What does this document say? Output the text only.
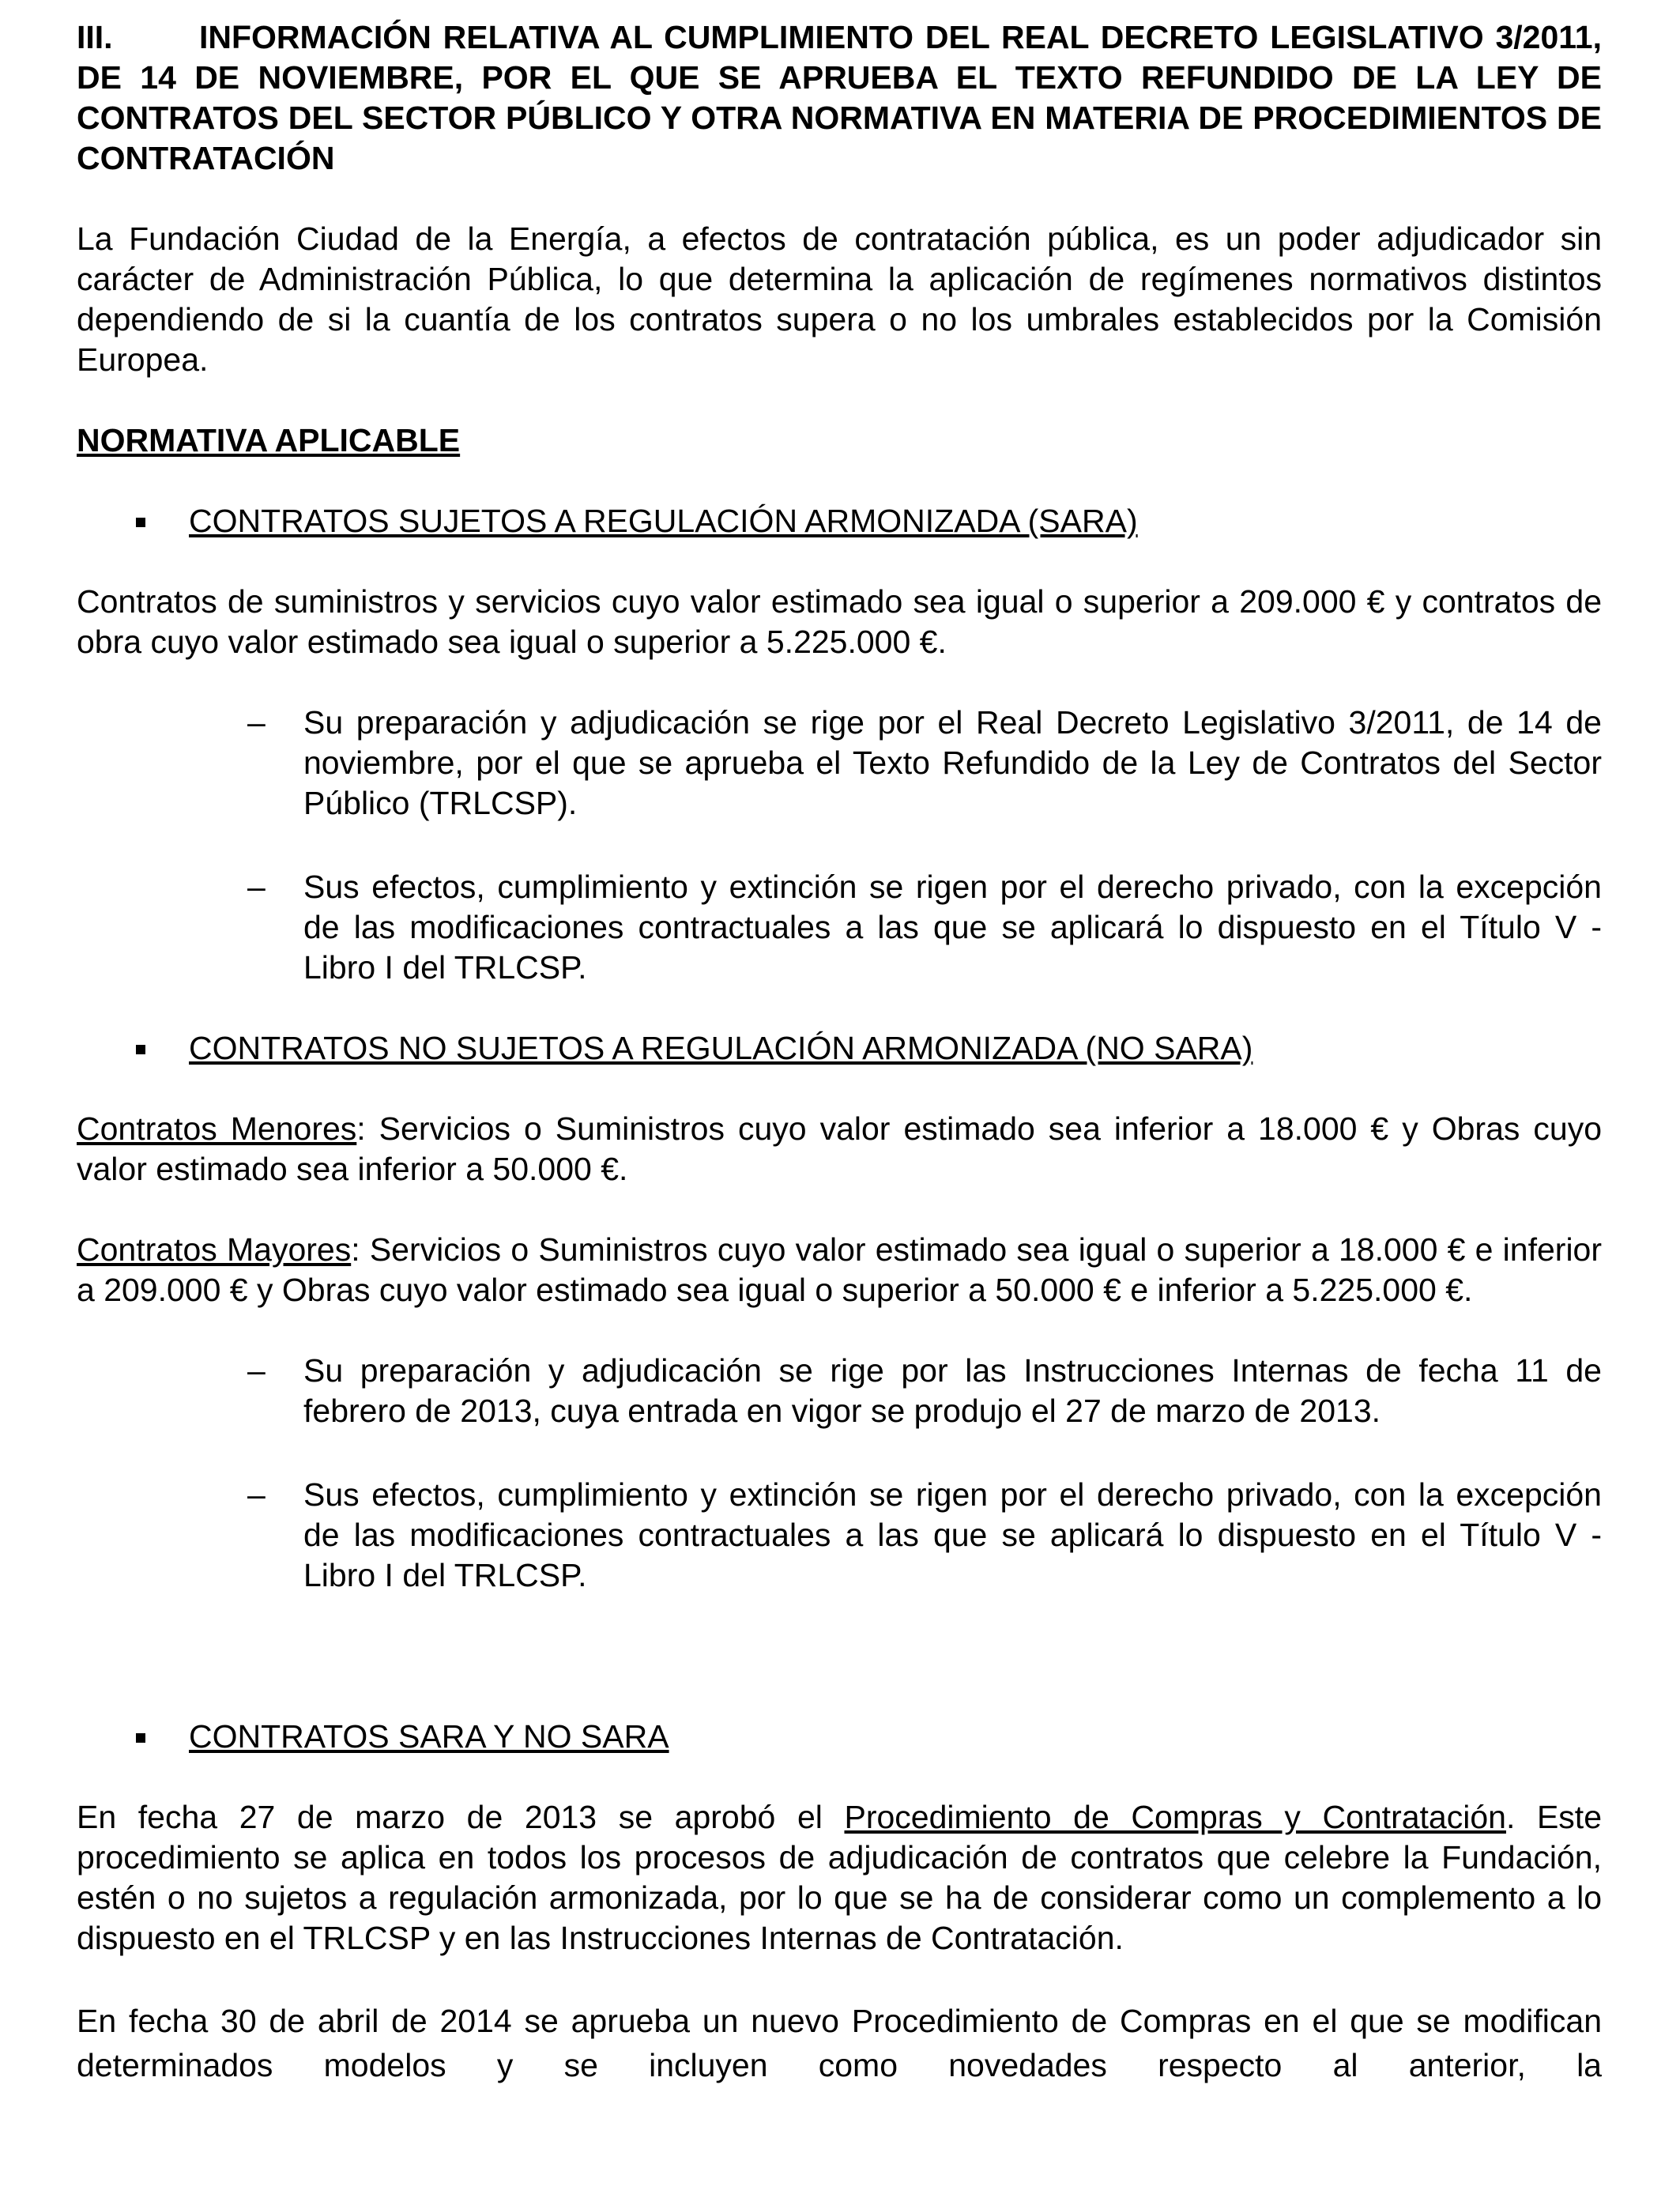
III.	INFORMACIÓN RELATIVA AL CUMPLIMIENTO DEL REAL DECRETO LEGISLATIVO 3/2011, DE 14 DE NOVIEMBRE, POR EL QUE SE APRUEBA EL TEXTO REFUNDIDO DE LA LEY DE CONTRATOS DEL SECTOR PÚBLICO Y OTRA NORMATIVA EN MATERIA DE PROCEDIMIENTOS DE CONTRATACIÓN

La Fundación Ciudad de la Energía, a efectos de contratación pública, es un poder adjudicador sin carácter de Administración Pública, lo que determina la aplicación de regímenes normativos distintos dependiendo de si la cuantía de los contratos supera o no los umbrales establecidos por la Comisión Europea.

NORMATIVA APLICABLE

CONTRATOS SUJETOS A REGULACIÓN ARMONIZADA (SARA)

Contratos de suministros y servicios cuyo valor estimado sea igual o superior a 209.000 € y contratos de obra cuyo valor estimado sea igual o superior a 5.225.000 €.

– Su preparación y adjudicación se rige por el Real Decreto Legislativo 3/2011, de 14 de noviembre, por el que se aprueba el Texto Refundido de la Ley de Contratos del Sector Público (TRLCSP).

– Sus efectos, cumplimiento y extinción se rigen por el derecho privado, con la excepción de las modificaciones contractuales a las que se aplicará lo dispuesto en el Título V - Libro I del TRLCSP.

CONTRATOS NO SUJETOS A REGULACIÓN ARMONIZADA (NO SARA)

Contratos Menores: Servicios o Suministros cuyo valor estimado sea inferior a 18.000 € y Obras cuyo valor estimado sea inferior a 50.000 €.

Contratos Mayores: Servicios o Suministros cuyo valor estimado sea igual o superior a 18.000 € e inferior a 209.000 € y Obras cuyo valor estimado sea igual o superior a 50.000 € e inferior a 5.225.000 €.

– Su preparación y adjudicación se rige por las Instrucciones Internas de fecha 11 de febrero de 2013, cuya entrada en vigor se produjo el 27 de marzo de 2013.

– Sus efectos, cumplimiento y extinción se rigen por el derecho privado, con la excepción de las modificaciones contractuales a las que se aplicará lo dispuesto en el Título V - Libro I del TRLCSP.

CONTRATOS SARA Y NO SARA

En fecha 27 de marzo de 2013 se aprobó el Procedimiento de Compras y Contratación. Este procedimiento se aplica en todos los procesos de adjudicación de contratos que celebre la Fundación, estén o no sujetos a regulación armonizada, por lo que se ha de considerar como un complemento a lo dispuesto en el TRLCSP y en las Instrucciones Internas de Contratación.

En fecha 30 de abril de 2014 se aprueba un nuevo Procedimiento de Compras en el que se modifican determinados modelos y se incluyen como novedades respecto al anterior, la
